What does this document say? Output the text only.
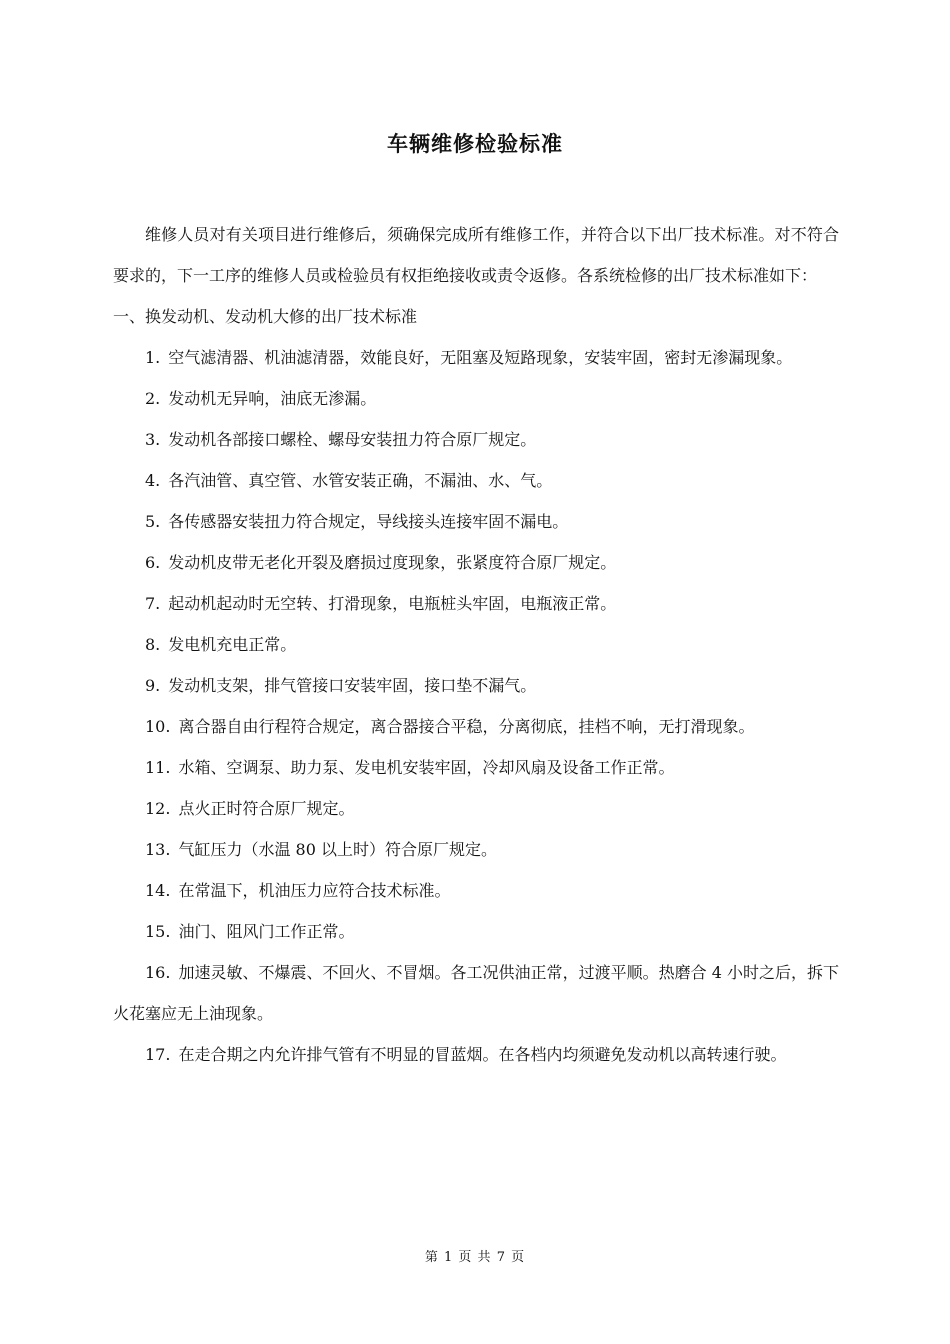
车辆维修检验标准

维修人员对有关项目进行维修后，须确保完成所有维修工作，并符合以下出厂技术标准。对不符合要求的，下一工序的维修人员或检验员有权拒绝接收或责令返修。各系统检修的出厂技术标准如下：

一、换发动机、发动机大修的出厂技术标准

1. 空气滤清器、机油滤清器，效能良好，无阻塞及短路现象，安装牢固，密封无渗漏现象。

2. 发动机无异响，油底无渗漏。

3. 发动机各部接口螺栓、螺母安装扭力符合原厂规定。

4. 各汽油管、真空管、水管安装正确，不漏油、水、气。

5. 各传感器安装扭力符合规定，导线接头连接牢固不漏电。

6. 发动机皮带无老化开裂及磨损过度现象，张紧度符合原厂规定。

7. 起动机起动时无空转、打滑现象，电瓶桩头牢固，电瓶液正常。

8. 发电机充电正常。

9. 发动机支架，排气管接口安装牢固，接口垫不漏气。

10. 离合器自由行程符合规定，离合器接合平稳，分离彻底，挂档不响，无打滑现象。

11. 水箱、空调泵、助力泵、发电机安装牢固，冷却风扇及设备工作正常。

12. 点火正时符合原厂规定。

13. 气缸压力（水温 80 以上时）符合原厂规定。

14. 在常温下，机油压力应符合技术标准。

15. 油门、阻风门工作正常。

16. 加速灵敏、不爆震、不回火、不冒烟。各工况供油正常，过渡平顺。热磨合 4 小时之后，拆下火花塞应无上油现象。

17. 在走合期之内允许排气管有不明显的冒蓝烟。在各档内均须避免发动机以高转速行驶。

第 1 页 共 7 页
